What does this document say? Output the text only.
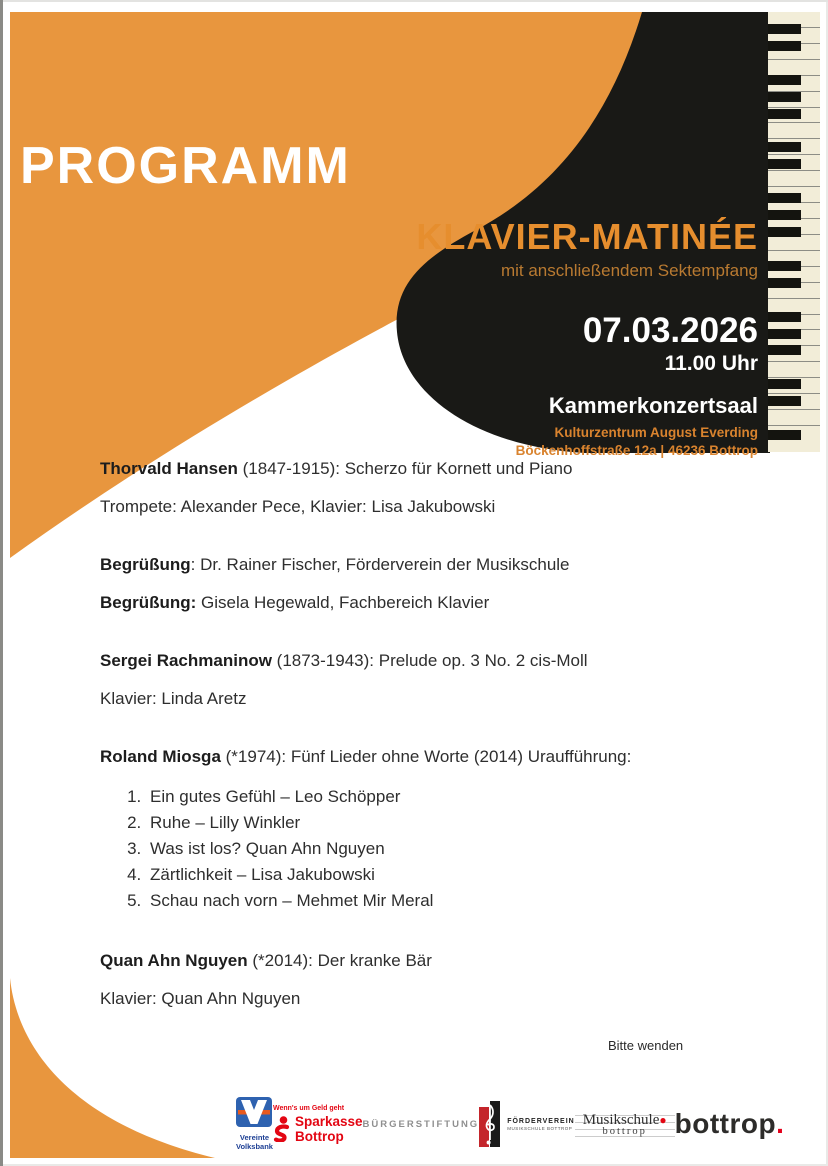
PROGRAMM
KLAVIER-MATINÉE
mit anschließendem Sektempfang
07.03.2026
11.00 Uhr
Kammerkonzertsaal
Kulturzentrum August Everding
Böckenhoffstraße 12a | 46236 Bottrop

Thorvald Hansen (1847-1915): Scherzo für Kornett und Piano

Trompete: Alexander Pece, Klavier: Lisa Jakubowski

Begrüßung: Dr. Rainer Fischer, Förderverein der Musikschule

Begrüßung: Gisela Hegewald, Fachbereich Klavier

Sergei Rachmaninow (1873-1943): Prelude op. 3 No. 2 cis-Moll

Klavier: Linda Aretz

Roland Miosga (*1974): Fünf Lieder ohne Worte (2014) Uraufführung:

1. Ein gutes Gefühl – Leo Schöpper
2. Ruhe – Lilly Winkler
3. Was ist los? Quan Ahn Nguyen
4. Zärtlichkeit – Lisa Jakubowski
5. Schau nach vorn – Mehmet Mir Meral

Quan Ahn Nguyen (*2014): Der kranke Bär

Klavier: Quan Ahn Nguyen

Bitte wenden
Vereinte
Volksbank
Wenn's um Geld geht
Sparkasse
Bottrop
BÜRGERSTIFTUNG	FÖRDERVEREIN
MUSIKSCHULE BOTTROP
Musikschule●
bottrop bottrop.
